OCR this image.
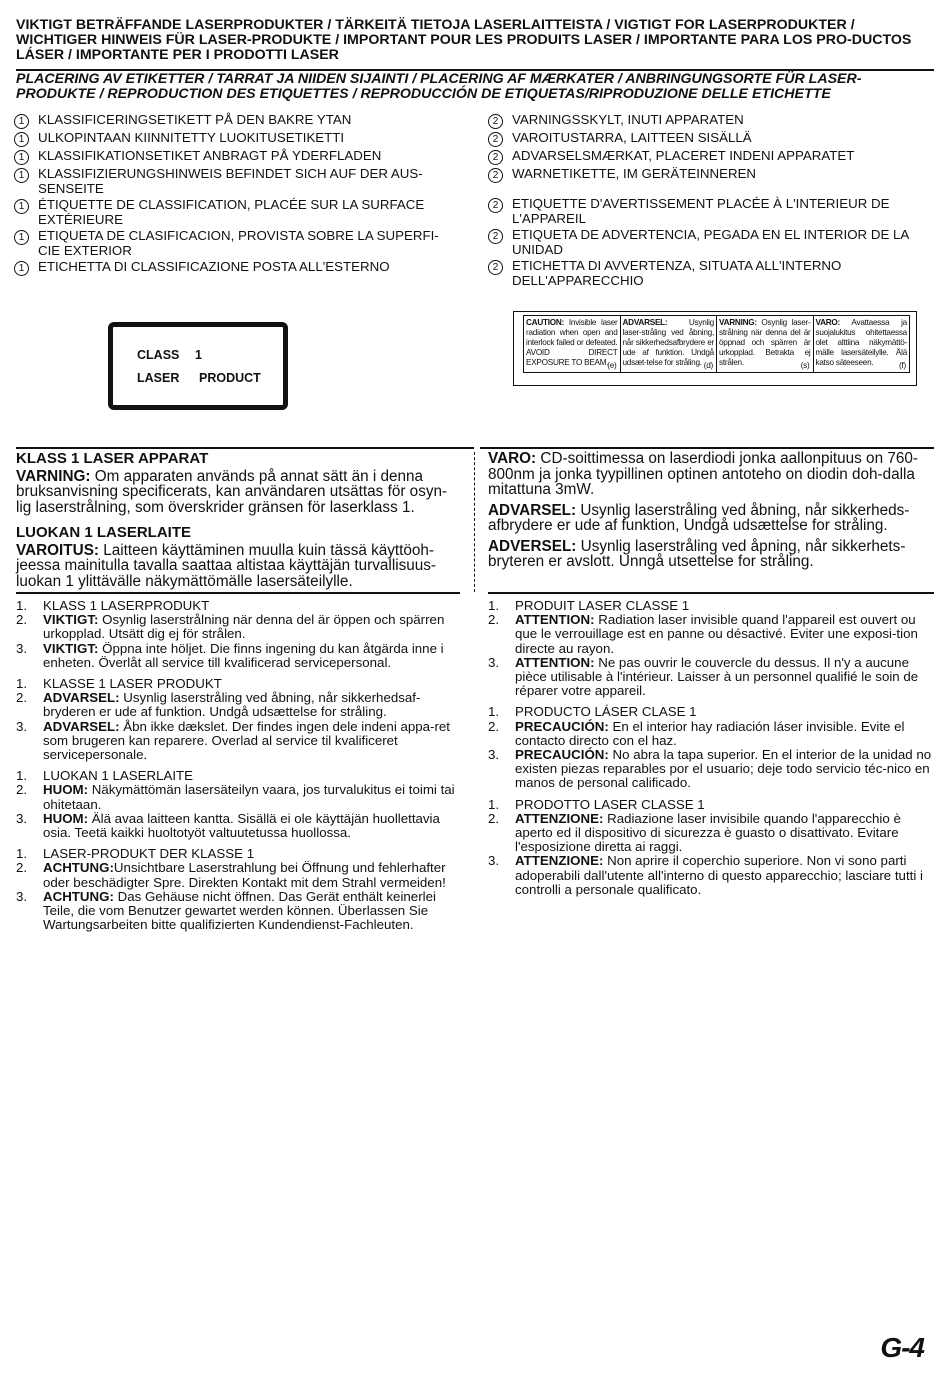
VIKTIGT BETRÄFFANDE LASERPRODUKTER / TÄRKEITÄ TIETOJA LASERLAITTEISTA / VIGTIGT FOR LASERPRODUKTER / WICHTIGER HINWEIS FÜR LASER-PRODUKTE / IMPORTANT POUR LES PRODUITS LASER / IMPORTANTE PARA LOS PRO-DUCTOS LÁSER / IMPORTANTE PER I PRODOTTI LASER
PLACERING AV ETIKETTER / TARRAT JA NIIDEN SIJAINTI / PLACERING AF MÆRKATER / ANBRINGUNGSORTE FÜR LASER-PRODUKTE / REPRODUCTION DES ETIQUETTES / REPRODUCCIÓN DE ETIQUETAS/RIPRODUZIONE DELLE ETICHETTE
1	KLASSIFICERINGSETIKETT PÅ DEN BAKRE YTAN
1	ULKOPINTAAN KIINNITETTY LUOKITUSETIKETTI
1	KLASSIFIKATIONSETIKET ANBRAGT PÅ YDERFLADEN
1	KLASSIFIZIERUNGSHINWEIS BEFINDET SICH AUF DER AUS-SENSEITE
1	ÉTIQUETTE DE CLASSIFICATION, PLACÉE SUR LA SURFACE EXTÉRIEURE
1	ETIQUETA DE CLASIFICACION, PROVISTA SOBRE LA SUPERFI-CIE EXTERIOR
1	ETICHETTA DI CLASSIFICAZIONE POSTA ALL'ESTERNO
2	VARNINGSSKYLT, INUTI APPARATEN
2	VAROITUSTARRA, LAITTEEN SISÄLLÄ
2	ADVARSELSMÆRKAT, PLACERET INDENI APPARATET
2	WARNETIKETTE, IM GERÄTEINNEREN
2	ETIQUETTE D'AVERTISSEMENT PLACÉE À L'INTERIEUR DE L'APPAREIL
2	ETIQUETA DE ADVERTENCIA, PEGADA EN EL INTERIOR DE LA UNIDAD
2	ETICHETTA DI AVVERTENZA, SITUATA ALL'INTERNO DELL'APPARECCHIO
CLASS 1
LASER PRODUCT
CAUTION: Invisible laser radiation when open and interlock failed or defeated. AVOID DIRECT EXPOSURE TO BEAM.
(e)
ADVARSEL:	Usynlig laser-stråling ved åbning, når sikkerhedsafbrydere er ude af funktion. Undgå udsæt-telse for stråling. (d)
VARNING: Osynlig laser-strålning när denna del är öppnad och spärren är urkopplad. Betrakta ej strålen.	(s)
VARO: Avattaessa ja suojalukitus ohitettaessa olet alttiina näkymättö-mälle lasersäteilylle. Älä katso säteeseen.	(f)
KLASS 1 LASER APPARAT

VARNING: Om apparaten används på annat sätt än i denna bruksanvisning specificerats, kan användaren utsättas för osyn-lig laserstrålning, som överskrider gränsen för laserklass 1.

LUOKAN 1 LASERLAITE

VAROITUS: Laitteen käyttäminen muulla kuin tässä käyttöoh-jeessa mainitulla tavalla saattaa altistaa käyttäjän turvallisuus-luokan 1 ylittävälle näkymättömälle lasersäteilylle.

VARO: CD-soittimessa on laserdiodi jonka aallonpituus on 760-800nm ja jonka tyypillinen optinen antoteho on diodin doh-dalla mitattuna 3mW.

ADVARSEL: Usynlig laserstråling ved åbning, når sikkerheds-afbrydere er ude af funktion, Undgå udsættelse for stråling.

ADVERSEL: Usynlig laserstråling ved åpning, når sikkerhets-bryteren er avslott. Unngå utsettelse for stråling.

1.	KLASS 1 LASERPRODUKT
2.	VIKTIGT: Osynlig laserstrålning när denna del är öppen och spärren urkopplad. Utsätt dig ej för strålen.
3.	VIKTIGT: Öppna inte höljet. Die finns ingening du kan åtgärda inne i enheten. Överlåt all service till kvalificerad servicepersonal.
1.	KLASSE 1 LASER PRODUKT
2.	ADVARSEL: Usynlig laserstråling ved åbning, når sikkerhedsaf-bryderen er ude af funktion. Undgå udsættelse for stråling.
3.	ADVARSEL: Åbn ikke dækslet. Der findes ingen dele indeni appa-ret som brugeren kan reparere. Overlad al service til kvalificeret servicepersonale.
1.	LUOKAN 1 LASERLAITE
2.	HUOM: Näkymättömän lasersäteilyn vaara, jos turvalukitus ei toimi tai ohitetaan.
3.	HUOM: Älä avaa laitteen kantta. Sisällä ei ole käyttäjän huollettavia osia. Teetä kaikki huoltotyöt valtuutetussa huollossa.
1.	LASER-PRODUKT DER KLASSE 1
2.	ACHTUNG:Unsichtbare Laserstrahlung bei Öffnung und fehlerhafter oder beschädigter Spre. Direkten Kontakt mit dem Strahl vermeiden!
3.	ACHTUNG: Das Gehäuse nicht öffnen. Das Gerät enthält keinerlei Teile, die vom Benutzer gewartet werden können. Überlassen Sie Wartungsarbeiten bitte qualifizierten Kundendienst-Fachleuten.
1.	PRODUIT LASER CLASSE 1
2.	ATTENTION: Radiation laser invisible quand l'appareil est ouvert ou que le verrouillage est en panne ou désactivé. Eviter une exposi-tion directe au rayon.
3.	ATTENTION: Ne pas ouvrir le couvercle du dessus. Il n'y a aucune pièce utilisable à l'intérieur. Laisser à un personnel qualifié le soin de réparer votre appareil.
1.	PRODUCTO LÁSER CLASE 1
2.	PRECAUCIÓN: En el interior hay radiación láser invisible. Evite el contacto directo con el haz.
3.	PRECAUCIÓN: No abra la tapa superior. En el interior de la unidad no existen piezas reparables por el usuario; deje todo servicio téc-nico en manos de personal calificado.
1.	PRODOTTO LASER CLASSE 1
2.	ATTENZIONE: Radiazione laser invisibile quando l'apparecchio è aperto ed il dispositivo di sicurezza è guasto o disattivato. Evitare l'esposizione diretta ai raggi.
3.	ATTENZIONE: Non aprire il coperchio superiore. Non vi sono parti adoperabili dall'utente all'interno di questo apparecchio; lasciare tutti i controlli a personale qualificato.
G-4
